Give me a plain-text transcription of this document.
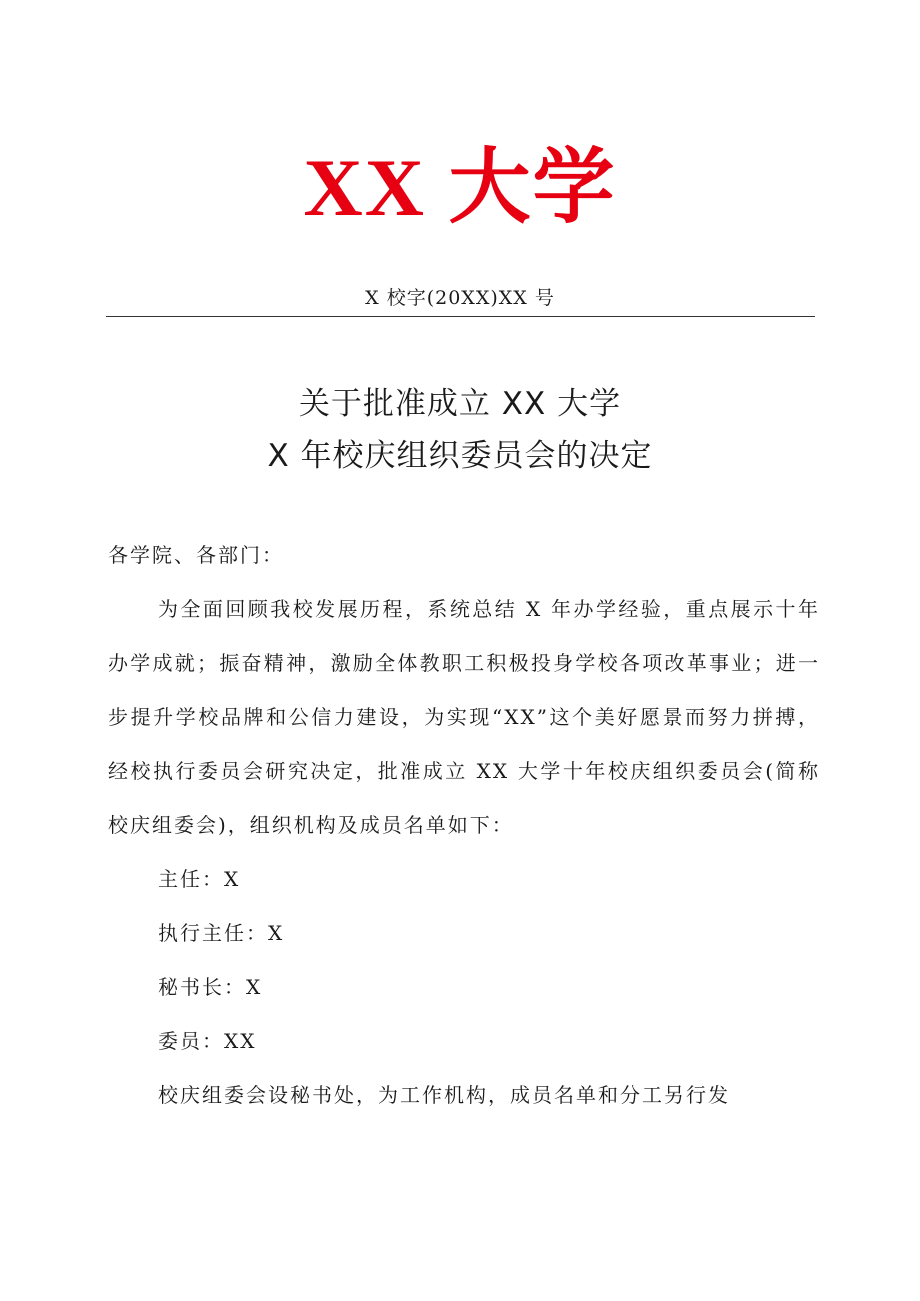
XX 大学
X 校字(20XX)XX 号
关于批准成立 XX 大学
X 年校庆组织委员会的决定

各学院、各部门：

为全面回顾我校发展历程，系统总结 X 年办学经验，重点展示十年办学成就；振奋精神，激励全体教职工积极投身学校各项改革事业；进一步提升学校品牌和公信力建设，为实现“XX”这个美好愿景而努力拼搏，经校执行委员会研究决定，批准成立 XX 大学十年校庆组织委员会(简称校庆组委会)，组织机构及成员名单如下：

主任：X

执行主任：X

秘书长：X

委员：XX

校庆组委会设秘书处，为工作机构，成员名单和分工另行发
